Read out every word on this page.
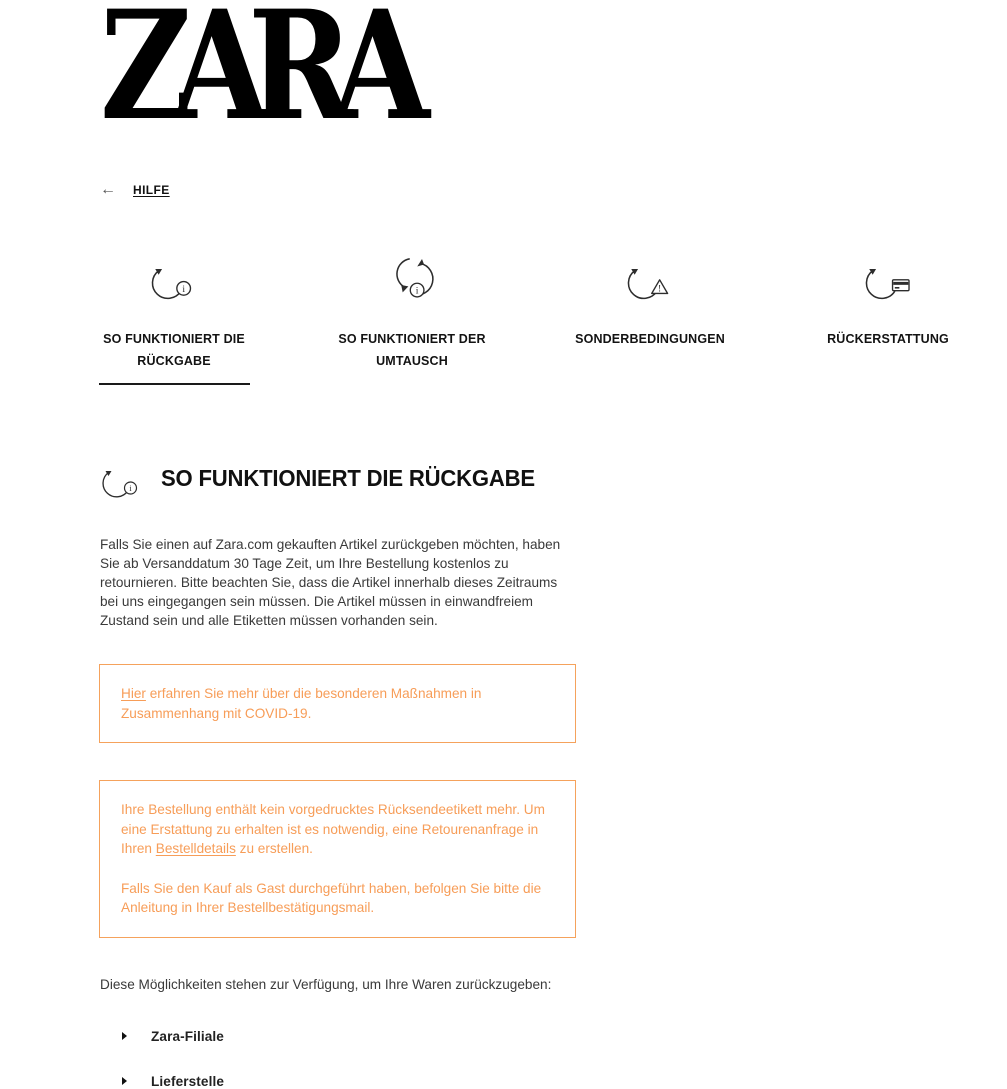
ZARA
← HILFE
i
SO FUNKTIONIERT DIE
RÜCKGABE
i
SO FUNKTIONIERT DER
UMTAUSCH
!
SONDERBEDINGUNGEN	RÜCKERSTATTUNG
i SO FUNKTIONIERT DIE RÜCKGABE
Falls Sie einen auf Zara.com gekauften Artikel zurückgeben möchten, haben Sie ab Versanddatum 30 Tage Zeit, um Ihre Bestellung kostenlos zu retournieren. Bitte beachten Sie, dass die Artikel innerhalb dieses Zeitraums bei uns eingegangen sein müssen. Die Artikel müssen in einwandfreiem Zustand sein und alle Etiketten müssen vorhanden sein.

Hier erfahren Sie mehr über die besonderen Maßnahmen in Zusammenhang mit COVID-19.

Ihre Bestellung enthält kein vorgedrucktes Rücksendeetikett mehr. Um eine Erstattung zu erhalten ist es notwendig, eine Retourenanfrage in Ihren Bestelldetails zu erstellen.

Falls Sie den Kauf als Gast durchgeführt haben, befolgen Sie bitte die Anleitung in Ihrer Bestellbestätigungsmail.

Diese Möglichkeiten stehen zur Verfügung, um Ihre Waren zurückzugeben:
Zara-Filiale
Lieferstelle
